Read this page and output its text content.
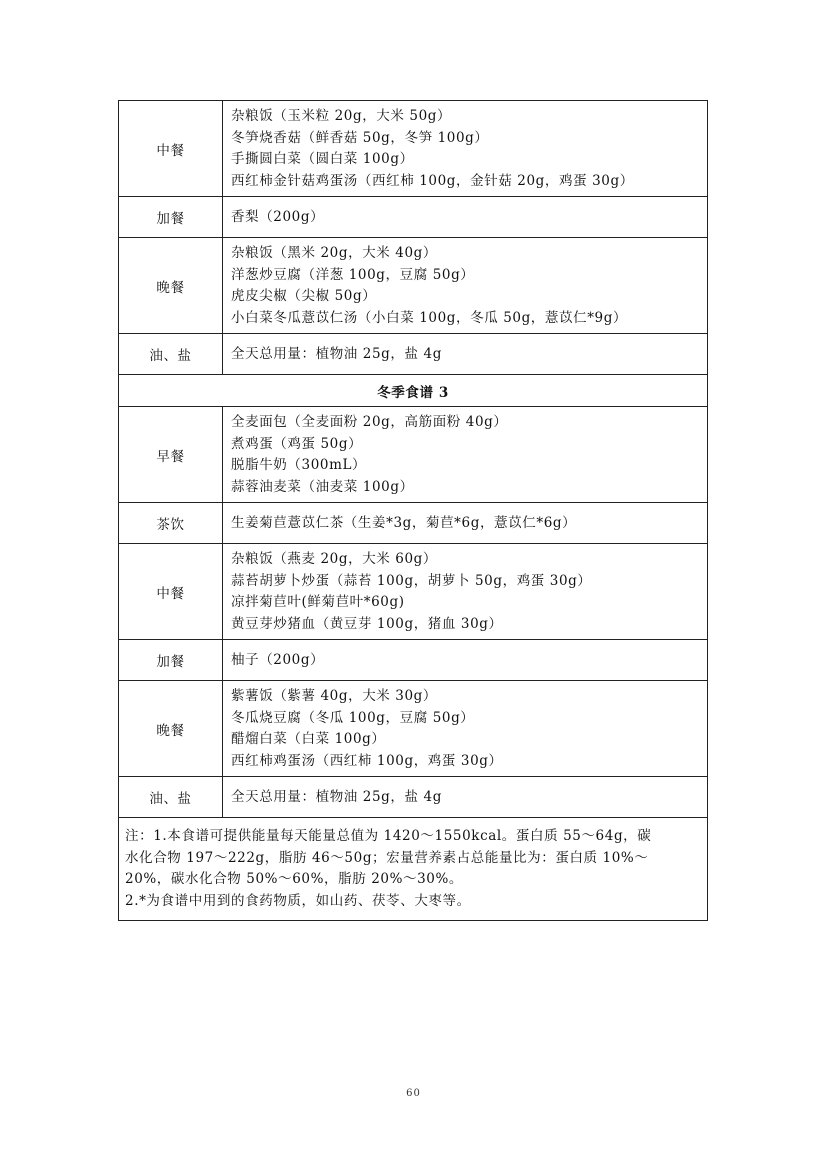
中餐	杂粮饭（玉米粒 20g，大米 50g）
冬笋烧香菇（鲜香菇 50g，冬笋 100g）
手撕圆白菜（圆白菜 100g）
西红柿金针菇鸡蛋汤（西红柿 100g，金针菇 20g，鸡蛋 30g）

加餐	香梨（200g）

晚餐	杂粮饭（黑米 20g，大米 40g）
洋葱炒豆腐（洋葱 100g，豆腐 50g）
虎皮尖椒（尖椒 50g）
小白菜冬瓜薏苡仁汤（小白菜 100g，冬瓜 50g，薏苡仁*9g）

油、盐	全天总用量：植物油 25g，盐 4g

冬季食谱 3	
早餐	全麦面包（全麦面粉 20g，高筋面粉 40g）
煮鸡蛋（鸡蛋 50g）
脱脂牛奶（300mL）
蒜蓉油麦菜（油麦菜 100g）

茶饮	生姜菊苣薏苡仁茶（生姜*3g，菊苣*6g，薏苡仁*6g）

中餐	杂粮饭（燕麦 20g，大米 60g）
蒜苔胡萝卜炒蛋（蒜苔 100g，胡萝卜 50g，鸡蛋 30g）
凉拌菊苣叶(鲜菊苣叶*60g)
黄豆芽炒猪血（黄豆芽 100g，猪血 30g）

加餐	柚子（200g）

晚餐	紫薯饭（紫薯 40g，大米 30g）
冬瓜烧豆腐（冬瓜 100g，豆腐 50g）
醋熘白菜（白菜 100g）
西红柿鸡蛋汤（西红柿 100g，鸡蛋 30g）

油、盐	全天总用量：植物油 25g，盐 4g

注：1.本食谱可提供能量每天能量总值为 1420～1550kcal。蛋白质 55～64g，碳
水化合物 197～222g，脂肪 46～50g；宏量营养素占总能量比为：蛋白质 10%～
20%，碳水化合物 50%～60%，脂肪 20%～30%。
2.*为食谱中用到的食药物质，如山药、茯苓、大枣等。	
60
